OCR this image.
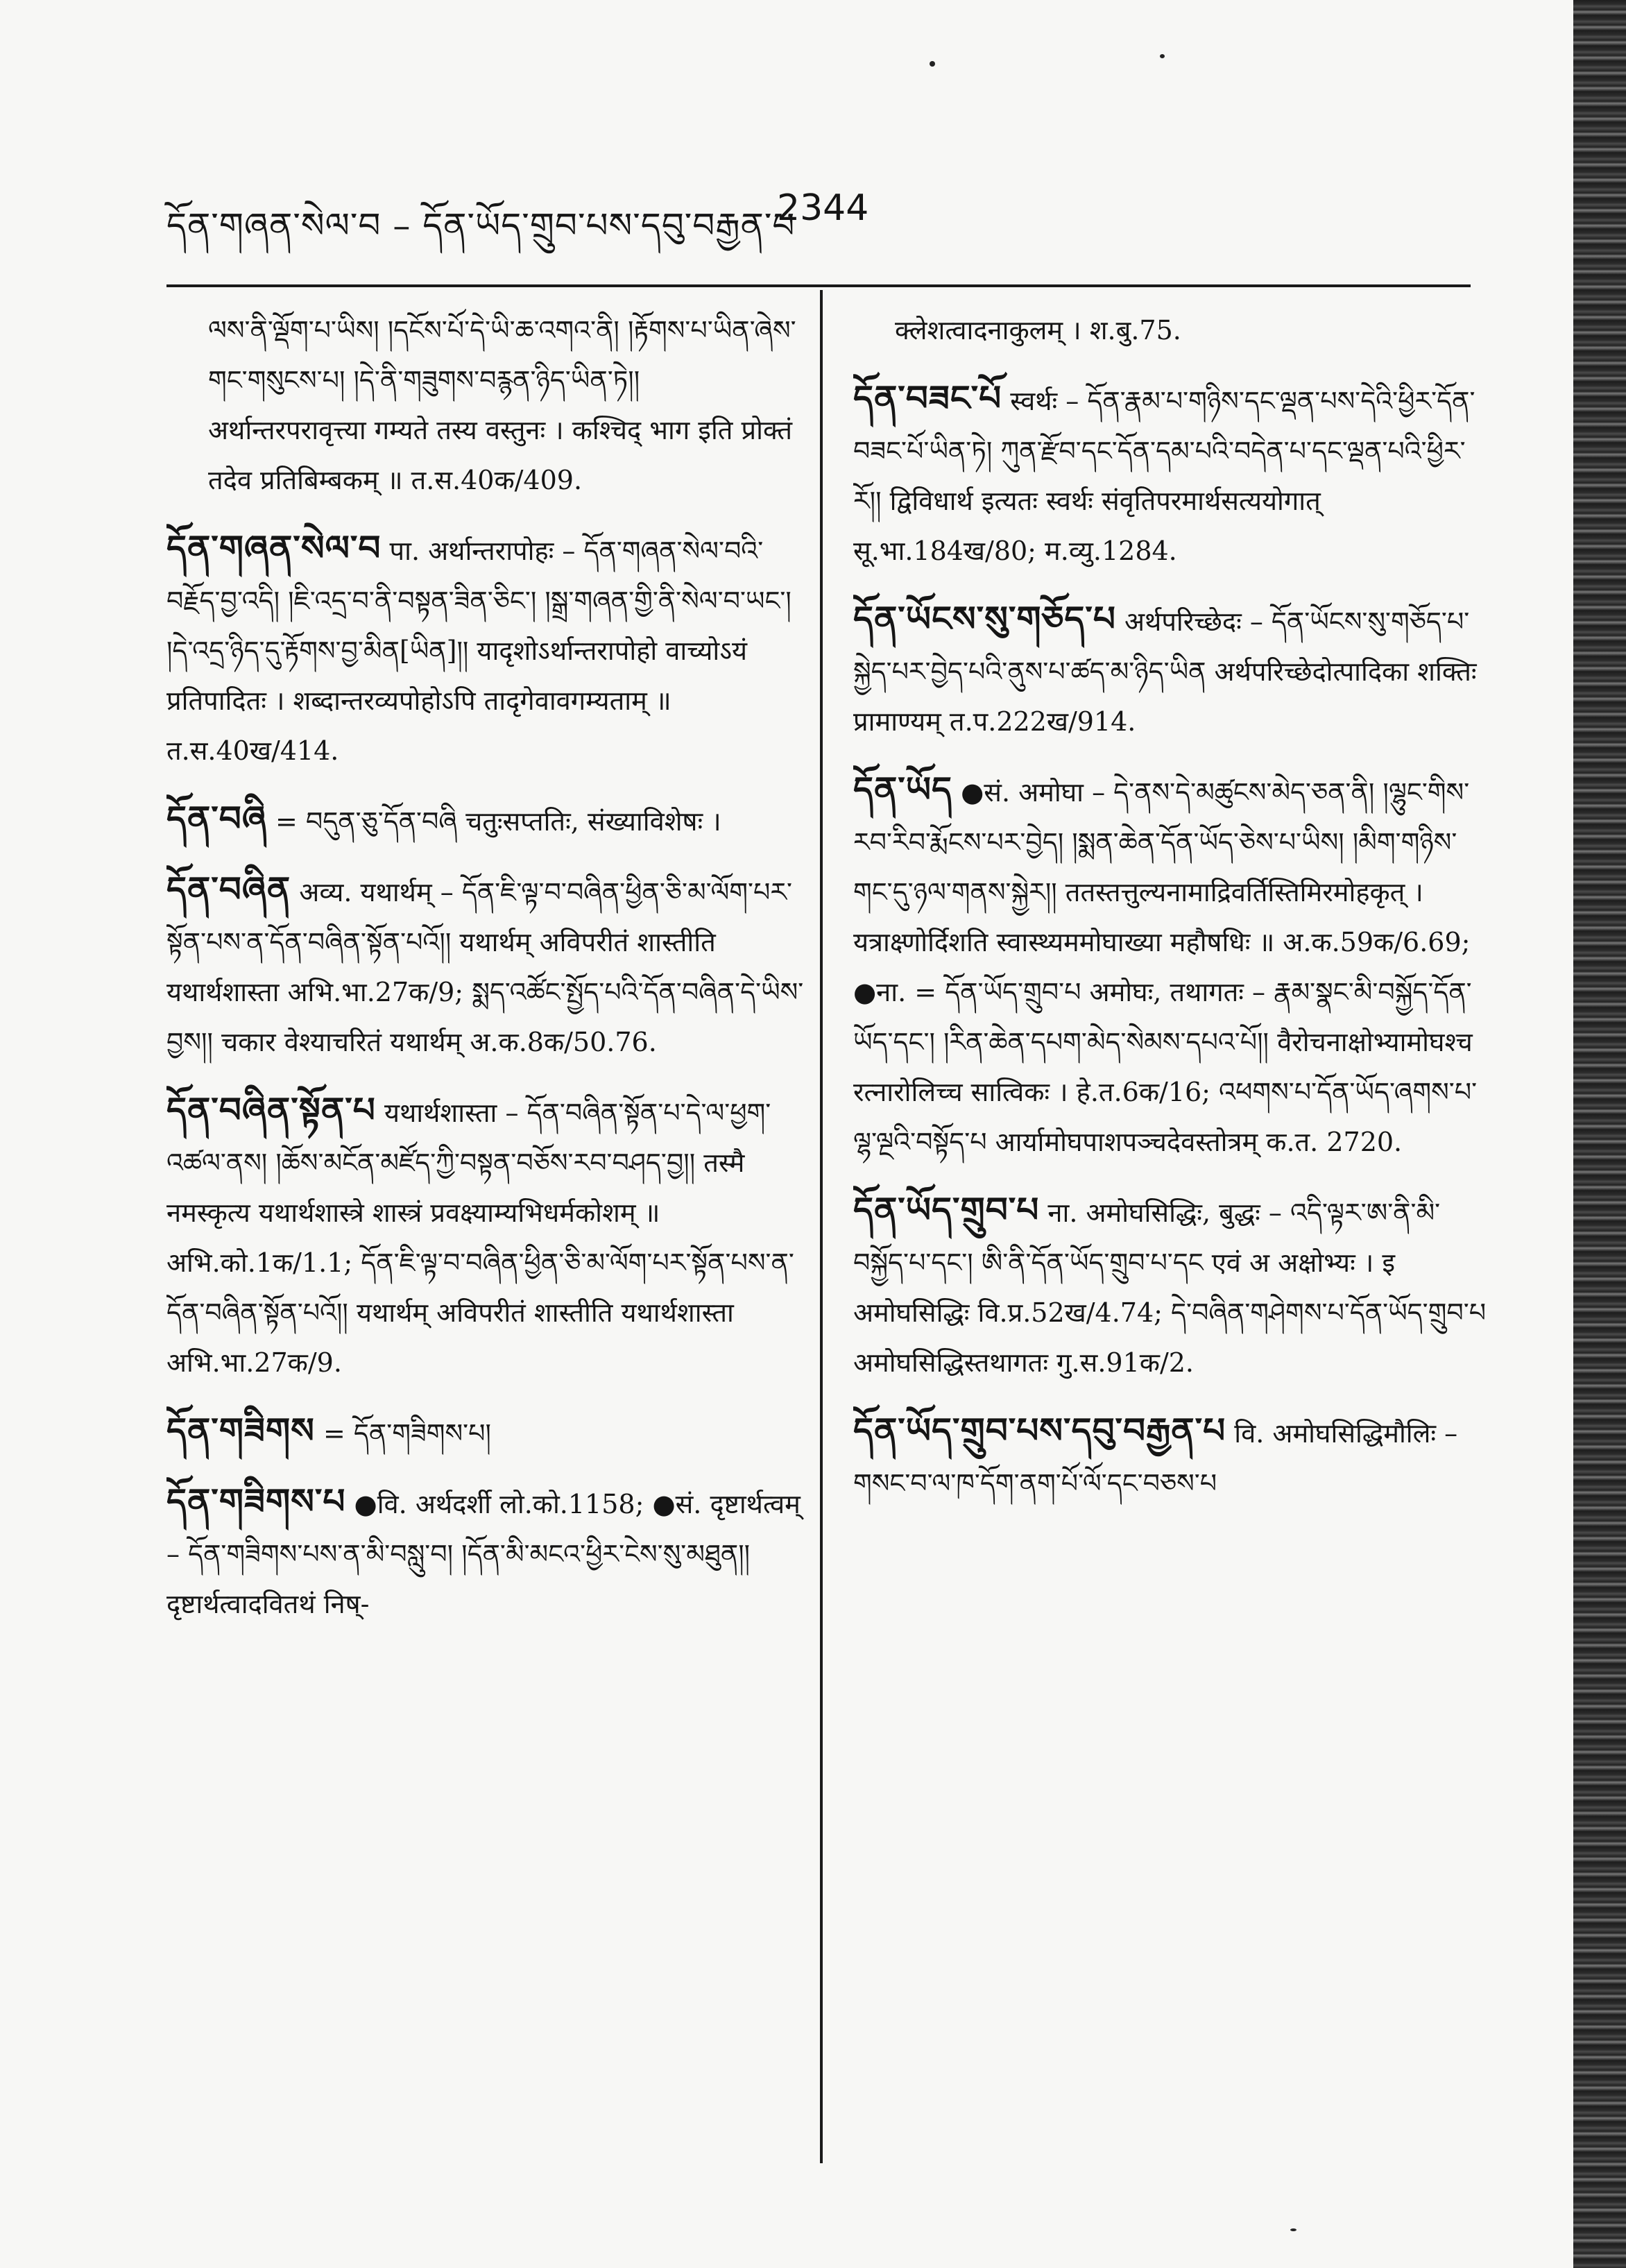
དོན་གཞན་སེལ་བ – དོན་ཡོད་གྲུབ་པས་དབུ་བརྒྱན་པ
2344
ལས་ནི་ལྡོག་པ་ཡིས། །དངོས་པོ་དེ་ཡི་ཆ་འགའ་ནི། །རྟོགས་པ་ཡིན་ཞེས་གང་གསུངས་པ། །དེ་ནི་གཟུགས་བརྙན་ཉིད་ཡིན་ཏེ།། अर्थान्तरपरावृत्त्या गम्यते तस्य वस्तुनः । कश्चिद् भाग इति प्रोक्तं तदेव प्रतिबिम्बकम् ॥ त.स.40क/409.
དོན་གཞན་སེལ་བ पा. अर्थान्तरापोहः – དོན་གཞན་སེལ་བའི་བརྗོད་བྱ་འདི། །ཇི་འདྲ་བ་ནི་བསྟན་ཟིན་ཅིང་། །སྒྲ་གཞན་གྱི་ནི་སེལ་བ་ཡང་། །དེ་འདྲ་ཉིད་དུ་རྟོགས་བྱ་མིན[ཡིན]།། यादृशोऽर्थान्तरापोहो वाच्योऽयं प्रतिपादितः । शब्दान्तरव्यपोहोऽपि तादृगेवावगम्यताम् ॥ त.स.40ख/414.
དོན་བཞི = བདུན་ཅུ་དོན་བཞི चतुःसप्ततिः, संख्याविशेषः ।
དོན་བཞིན अव्य. यथार्थम् – དོན་ཇི་ལྟ་བ་བཞིན་ཕྱིན་ཅི་མ་ལོག་པར་སྟོན་པས་ན་དོན་བཞིན་སྟོན་པའོ།། यथार्थम् अविपरीतं शास्तीति यथार्थशास्ता अभि.भा.27क/9; སྨད་འཚོང་སྤྱོད་པའི་དོན་བཞིན་དེ་ཡིས་བྱས།། चकार वेश्याचरितं यथार्थम् अ.क.8क/50.76.
དོན་བཞིན་སྟོན་པ यथार्थशास्ता – དོན་བཞིན་སྟོན་པ་དེ་ལ་ཕྱག་འཚལ་ནས། །ཆོས་མངོན་མཛོད་ཀྱི་བསྟན་བཅོས་རབ་བཤད་བྱ།། तस्मै नमस्कृत्य यथार्थशास्त्रे शास्त्रं प्रवक्ष्याम्यभिधर्मकोशम् ॥ अभि.को.1क/1.1; དོན་ཇི་ལྟ་བ་བཞིན་ཕྱིན་ཅི་མ་ལོག་པར་སྟོན་པས་ན་དོན་བཞིན་སྟོན་པའོ།། यथार्थम् अविपरीतं शास्तीति यथार्थशास्ता अभि.भा.27क/9.
དོན་གཟིགས = དོན་གཟིགས་པ།
དོན་གཟིགས་པ ●वि. अर्थदर्शी लो.को.1158; ●सं. दृष्टार्थत्वम् – དོན་གཟིགས་པས་ན་མི་བསླུ་བ། །དོན་མི་མངའ་ཕྱིར་ངེས་སུ་མཐུན།། दृष्टार्थत्वादवितथं निष्-
क्लेशत्वादनाकुलम् । श.बु.75.
དོན་བཟང་པོ स्वर्थः – དོན་རྣམ་པ་གཉིས་དང་ལྡན་པས་དེའི་ཕྱིར་དོན་བཟང་པོ་ཡིན་ཏེ། ཀུན་རྫོབ་དང་དོན་དམ་པའི་བདེན་པ་དང་ལྡན་པའི་ཕྱིར་རོ།། द्विविधार्थ इत्यतः स्वर्थः संवृतिपरमार्थसत्ययोगात् सू.भा.184ख/80; म.व्यु.1284.
དོན་ཡོངས་སུ་གཅོད་པ अर्थपरिच्छेदः – དོན་ཡོངས་སུ་གཅོད་པ་སྐྱེད་པར་བྱེད་པའི་ནུས་པ་ཚད་མ་ཉིད་ཡིན अर्थपरिच्छेदोत्पादिका शक्तिः प्रामाण्यम् त.प.222ख/914.
དོན་ཡོད ●सं. अमोघा – དེ་ནས་དེ་མཚུངས་མེད་ཅན་ནི། །ལྷུང་གིས་རབ་རིབ་རྨོངས་པར་བྱེད། །སྨན་ཆེན་དོན་ཡོད་ཅེས་པ་ཡིས། །མིག་གཉིས་གང་དུ་ཉལ་གནས་སྐྱེར།། ततस्तत्तुल्यनामाद्रिवर्तिस्तिमिरमोहकृत् । यत्राक्ष्णोर्दिशति स्वास्थ्यममोघाख्या महौषधिः ॥ अ.क.59क/6.69; ●ना. = དོན་ཡོད་གྲུབ་པ अमोघः, तथागतः – རྣམ་སྣང་མི་བསྐྱོད་དོན་ཡོད་དང་། །རིན་ཆེན་དཔག་མེད་སེམས་དཔའ་པོ།། वैरोचनाक्षोभ्यामोघश्च रत्नारोलिच्च सात्विकः । हे.त.6क/16; འཕགས་པ་དོན་ཡོད་ཞགས་པ་ལྷ་ལྔའི་བསྟོད་པ आर्यामोघपाशपञ्चदेवस्तोत्रम् क.त. 2720.
དོན་ཡོད་གྲུབ་པ ना. अमोघसिद्धिः, बुद्धः – འདི་ལྟར་ཨ་ནི་མི་བསྐྱོད་པ་དང་། ཨི་ནི་དོན་ཡོད་གྲུབ་པ་དང एवं अ अक्षोभ्यः । इ अमोघसिद्धिः वि.प्र.52ख/4.74; དེ་བཞིན་གཤེགས་པ་དོན་ཡོད་གྲུབ་པ अमोघसिद्धिस्तथागतः गु.स.91क/2.
དོན་ཡོད་གྲུབ་པས་དབུ་བརྒྱན་པ वि. अमोघसिद्धिमौलिः – གསང་བ་ལ་ཁ་དོག་ནག་པོ་ལོ་དང་བཅས་པ
